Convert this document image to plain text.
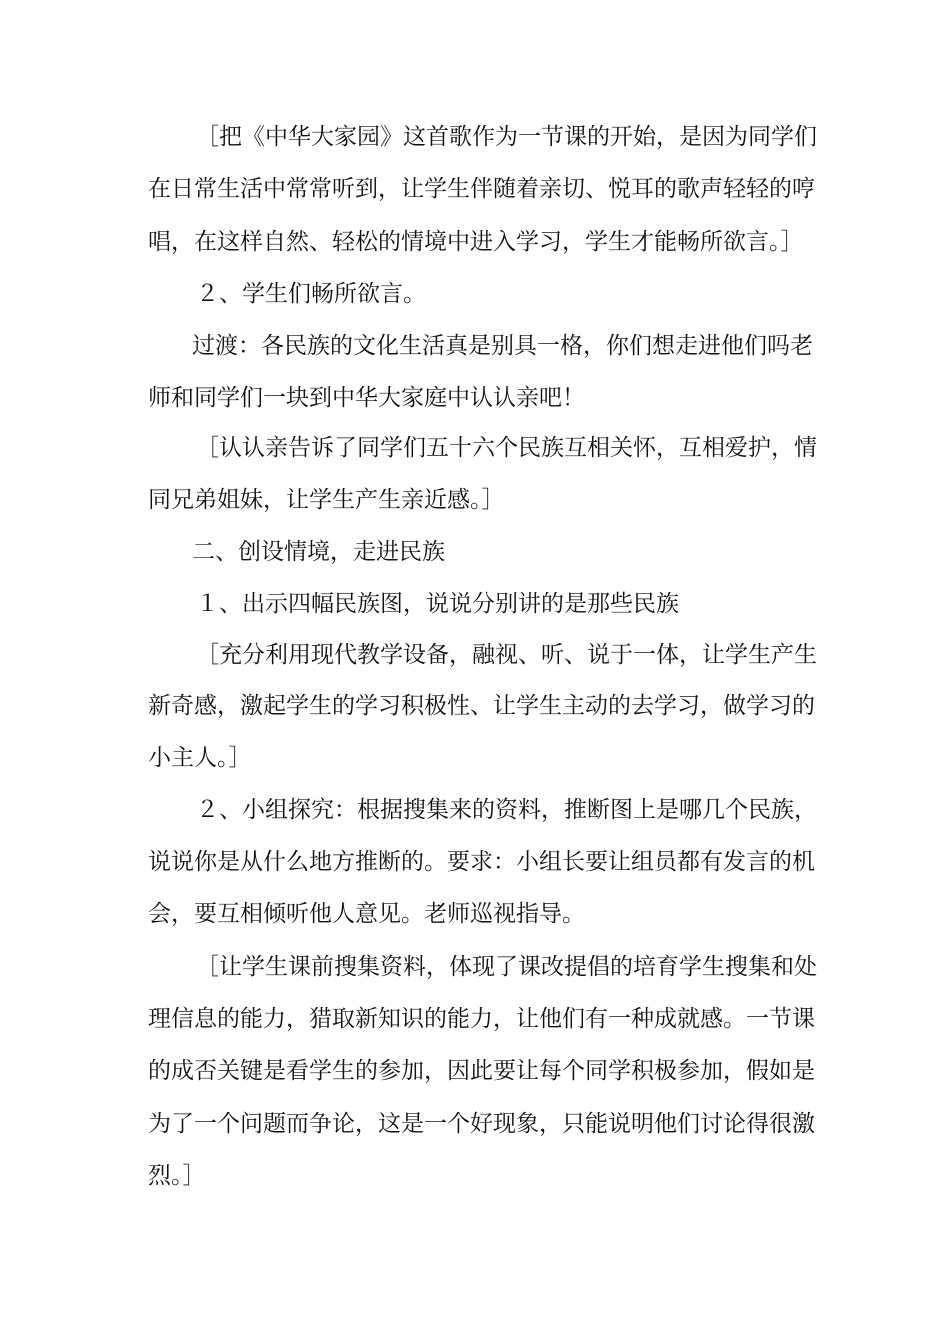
［把《中华大家园》这首歌作为一节课的开始，是因为同学们
在日常生活中常常听到，让学生伴随着亲切、悦耳的歌声轻轻的哼
唱，在这样自然、轻松的情境中进入学习，学生才能畅所欲言。］
２、学生们畅所欲言。
过渡：各民族的文化生活真是别具一格，你们想走进他们吗老
师和同学们一块到中华大家庭中认认亲吧！
［认认亲告诉了同学们五十六个民族互相关怀，互相爱护，情
同兄弟姐妹，让学生产生亲近感。］
二、创设情境，走进民族
１、出示四幅民族图，说说分别讲的是那些民族
［充分利用现代教学设备，融视、听、说于一体，让学生产生
新奇感，激起学生的学习积极性、让学生主动的去学习，做学习的
小主人。］
２、小组探究：根据搜集来的资料，推断图上是哪几个民族，
说说你是从什么地方推断的。要求：小组长要让组员都有发言的机
会，要互相倾听他人意见。老师巡视指导。
［让学生课前搜集资料，体现了课改提倡的培育学生搜集和处
理信息的能力，猎取新知识的能力，让他们有一种成就感。一节课
的成否关键是看学生的参加，因此要让每个同学积极参加，假如是
为了一个问题而争论，这是一个好现象，只能说明他们讨论得很激
烈。］
